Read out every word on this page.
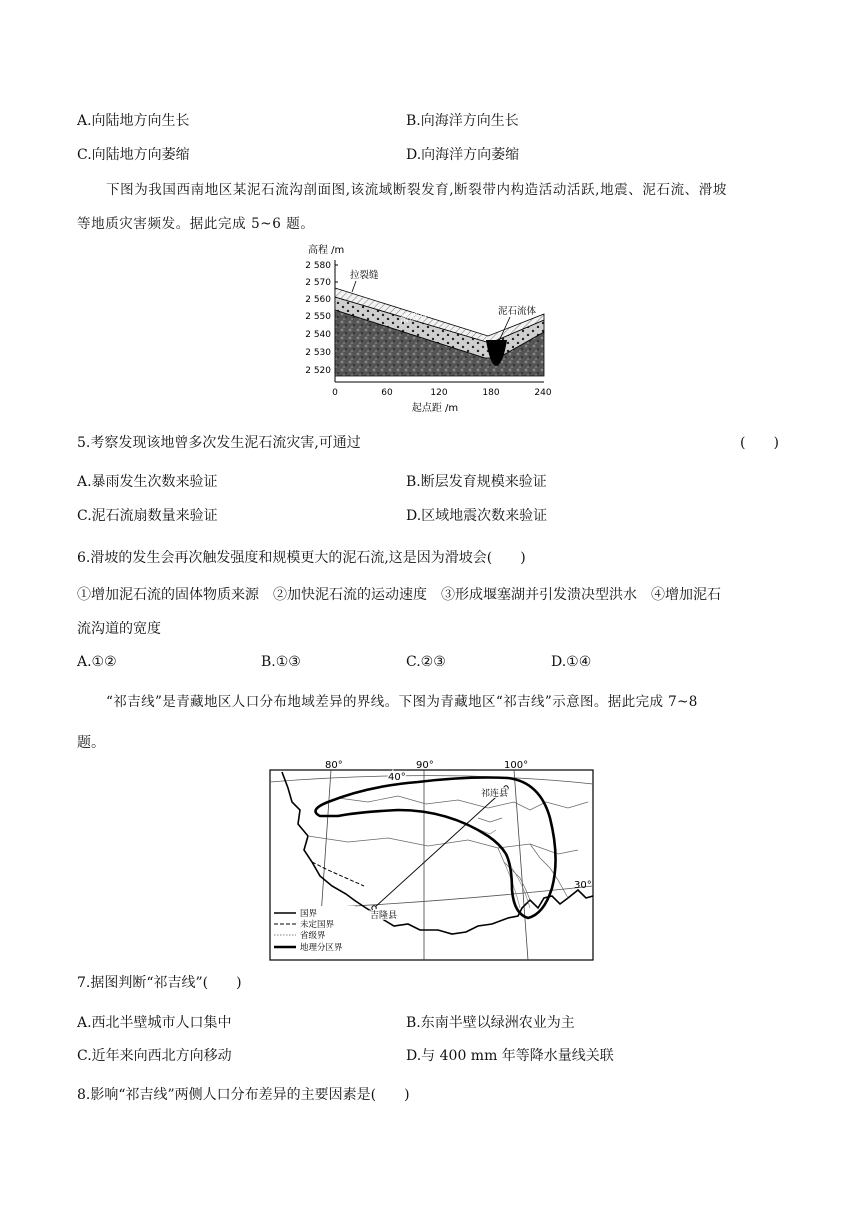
A.向陆地方向生长	B.向海洋方向生长
C.向陆地方向萎缩	D.向海洋方向萎缩
下图为我国西南地区某泥石流沟剖面图,该流域断裂发育,断裂带内构造活动活跃,地震、泥石流、滑坡
等地质灾害频发。据此完成 5~6 题。
高程 /m
2 580
2 570
2 560
2 550
2 540
2 530
2 520
拉裂缝
滑坡体	泥石流体
0	60	120	180	240
起点距 /m
5.考察发现该地曾多次发生泥石流灾害,可通过	(　　)
A.暴雨发生次数来验证	B.断层发育规模来验证
C.泥石流扇数量来验证	D.区域地震次数来验证
6.滑坡的发生会再次触发强度和规模更大的泥石流,这是因为滑坡会(　　)
①增加泥石流的固体物质来源　②加快泥石流的运动速度　③形成堰塞湖并引发溃决型洪水　④增加泥石
流沟道的宽度
A.①②	B.①③	C.②③	D.①④
“祁吉线”是青藏地区人口分布地域差异的界线。下图为青藏地区“祁吉线”示意图。据此完成 7~8
题。
80°	90°	100°
40°
30°
祁连县
吉隆县
国界
未定国界
省级界
地理分区界
7.据图判断“祁吉线”(　　)
A.西北半壁城市人口集中	B.东南半壁以绿洲农业为主
C.近年来向西北方向移动	D.与 400 mm 年等降水量线关联
8.影响“祁吉线”两侧人口分布差异的主要因素是(　　)
